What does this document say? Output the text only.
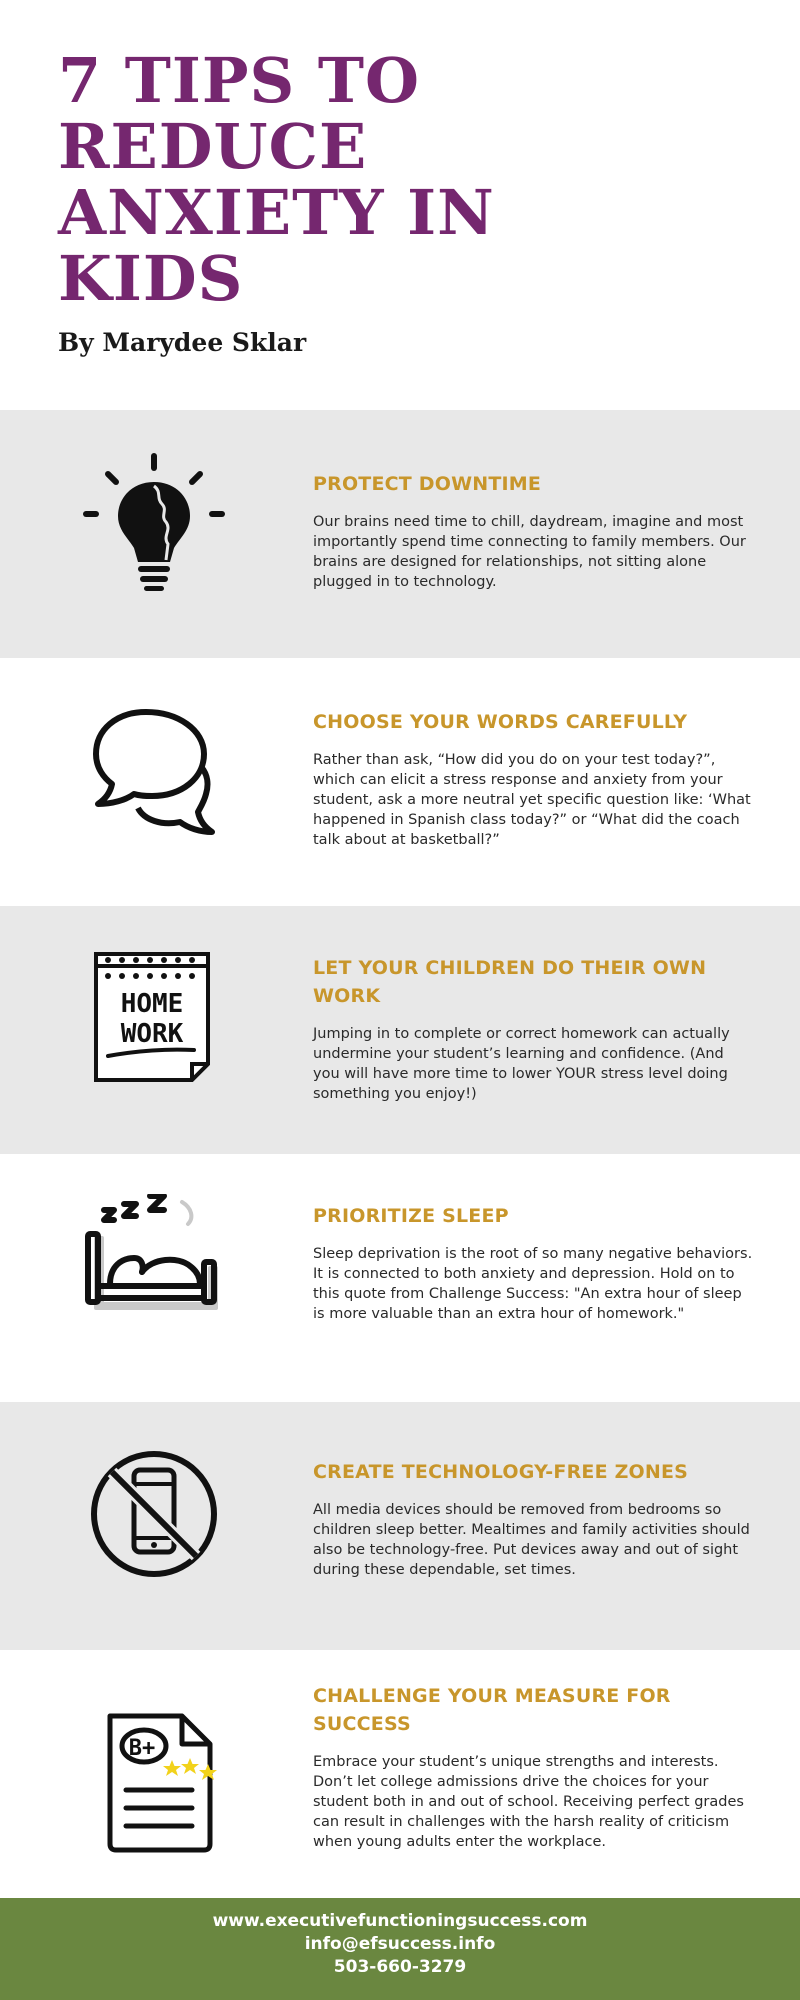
7 TIPS TO REDUCE ANXIETY IN KIDS

By Marydee Sklar

PROTECT DOWNTIME

Our brains need time to chill, daydream, imagine and most importantly spend time connecting to family members. Our brains are designed for relationships, not sitting alone plugged in to technology.

CHOOSE YOUR WORDS CAREFULLY

Rather than ask, “How did you do on your test today?”, which can elicit a stress response and anxiety from your student, ask a more neutral yet specific question like: ‘What happened in Spanish class today?” or “What did the coach talk about at basketball?”

HOME
WORK
LET YOUR CHILDREN DO THEIR OWN WORK

Jumping in to complete or correct homework can actually undermine your student’s learning and confidence. (And you will have more time to lower YOUR stress level doing something you enjoy!)

PRIORITIZE SLEEP

Sleep deprivation is the root of so many negative behaviors. It is connected to both anxiety and depression. Hold on to this quote from Challenge Success: "An extra hour of sleep is more valuable than an extra hour of homework."

CREATE TECHNOLOGY-FREE ZONES

All media devices should be removed from bedrooms so children sleep better. Mealtimes and family activities should also be technology-free. Put devices away and out of sight during these dependable, set times.

B+
CHALLENGE YOUR MEASURE FOR SUCCESS

Embrace your student’s unique strengths and interests. Don’t let college admissions drive the choices for your student both in and out of school. Receiving perfect grades can result in challenges with the harsh reality of criticism when young adults enter the workplace.

www.executivefunctioningsuccess.com
info@efsuccess.info
503-660-3279
